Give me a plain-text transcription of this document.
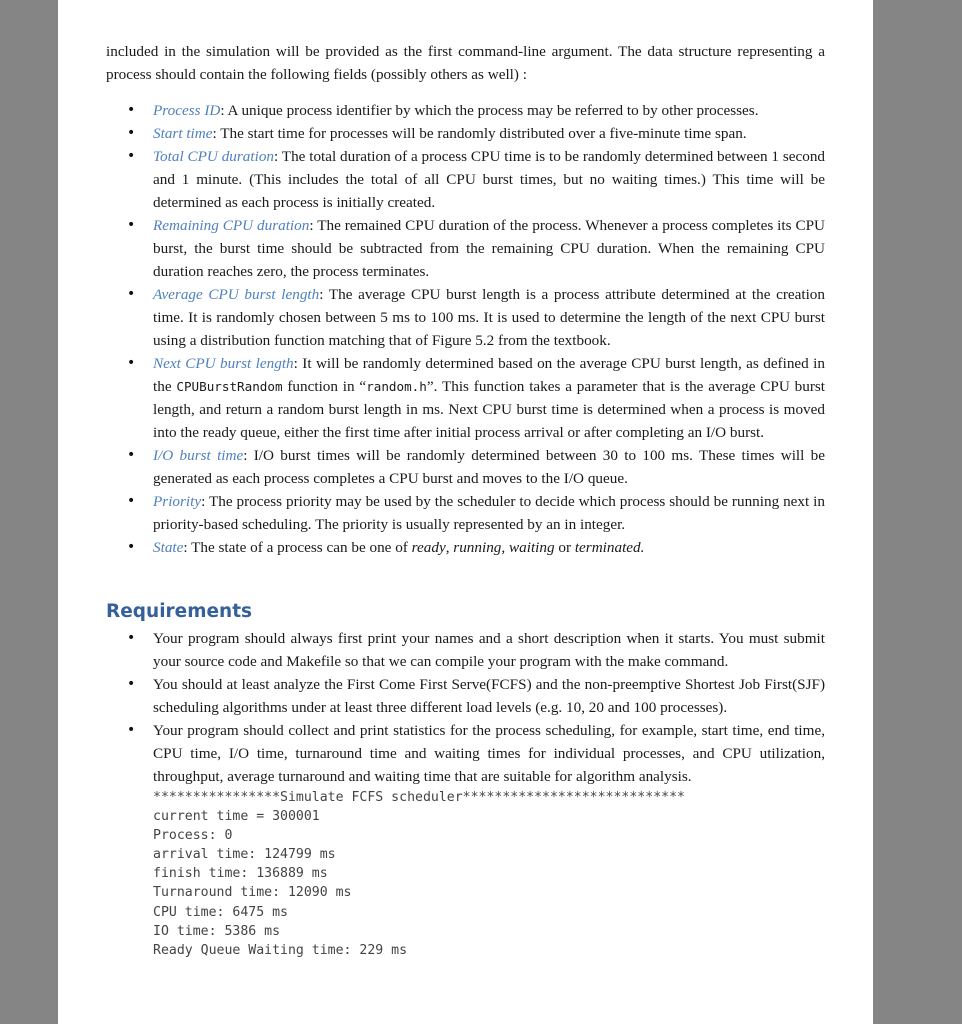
included in the simulation will be provided as the first command-line argument. The data structure representing a process should contain the following fields (possibly others as well) :

• Process ID: A unique process identifier by which the process may be referred to by other processes.
• Start time: The start time for processes will be randomly distributed over a five-minute time span.
• Total CPU duration: The total duration of a process CPU time is to be randomly determined between 1 second and 1 minute. (This includes the total of all CPU burst times, but no waiting times.) This time will be determined as each process is initially created.
• Remaining CPU duration: The remained CPU duration of the process. Whenever a process completes its CPU burst, the burst time should be subtracted from the remaining CPU duration. When the remaining CPU duration reaches zero, the process terminates.
• Average CPU burst length: The average CPU burst length is a process attribute determined at the creation time. It is randomly chosen between 5 ms to 100 ms. It is used to determine the length of the next CPU burst using a distribution function matching that of Figure 5.2 from the textbook.
• Next CPU burst length: It will be randomly determined based on the average CPU burst length, as defined in the CPUBurstRandom function in “random.h”. This function takes a parameter that is the average CPU burst length, and return a random burst length in ms. Next CPU burst time is determined when a process is moved into the ready queue, either the first time after initial process arrival or after completing an I/O burst.
• I/O burst time: I/O burst times will be randomly determined between 30 to 100 ms. These times will be generated as each process completes a CPU burst and moves to the I/O queue.
• Priority: The process priority may be used by the scheduler to decide which process should be running next in priority-based scheduling. The priority is usually represented by an in integer.
• State: The state of a process can be one of ready, running, waiting or terminated.
Requirements
• Your program should always first print your names and a short description when it starts. You must submit your source code and Makefile so that we can compile your program with the make command.
• You should at least analyze the First Come First Serve(FCFS) and the non-preemptive Shortest Job First(SJF) scheduling algorithms under at least three different load levels (e.g. 10, 20 and 100 processes).
• Your program should collect and print statistics for the process scheduling, for example, start time, end time, CPU time, I/O time, turnaround time and waiting times for individual processes, and CPU utilization, throughput, average turnaround and waiting time that are suitable for algorithm analysis.
****************Simulate FCFS scheduler****************************
current time = 300001
Process: 0
arrival time: 124799 ms
finish time: 136889 ms
Turnaround time: 12090 ms
CPU time: 6475 ms
IO time: 5386 ms
Ready Queue Waiting time: 229 ms
